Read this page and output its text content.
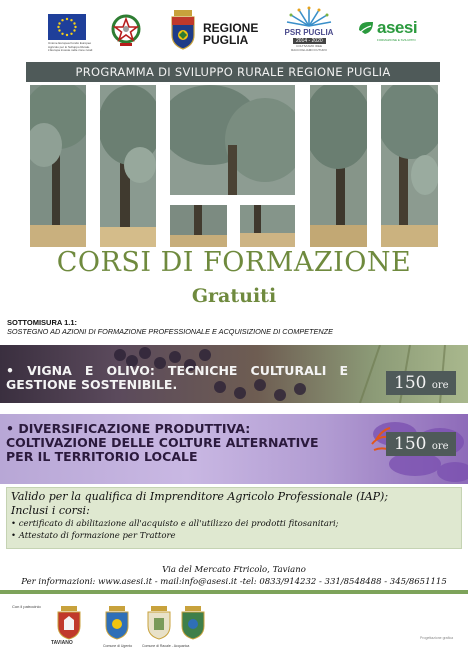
Unione Europea Fondo Europeo Agricolo per lo Sviluppo Rurale. L'Europa investe nelle zone rurali
REGIONE
PUGLIA
PSR PUGLIA
2014 - 2020
COLTIVIAMO IDEE
RACCOGLIAMO FUTURO
asesi
FORMAZIONE E SVILUPPO
PROGRAMMA DI SVILUPPO RURALE REGIONE PUGLIA
CORSI DI FORMAZIONE
Gratuiti
SOTTOMISURA 1.1:
SOSTEGNO AD AZIONI DI FORMAZIONE PROFESSIONALE E ACQUISIZIONE DI COMPETENZE
• VIGNA E OLIVO: TECNICHE CULTURALI E
GESTIONE SOSTENIBILE.	150 ore
• DIVERSIFICAZIONE PRODUTTIVA:
COLTIVAZIONE DELLE COLTURE ALTERNATIVE
PER IL TERRITORIO LOCALE
150 ore
Valido per la qualifica di Imprenditore Agricolo Professionale (IAP);
Inclusi i corsi:
• certificato di abilitazione all'acquisto e all'utilizzo dei prodotti fitosanitari;
• Attestato di formazione per Trattore
Via del Mercato Ftricolo, Taviano
Per informazioni: www.asesi.it - mail:info@asesi.it -tel: 0833/914232 - 331/8548488 - 345/8651115
Con il patrocinio
TAVIANO	Comune di Ugento	Comune di Racale - Acquarica
Progettazione grafica
